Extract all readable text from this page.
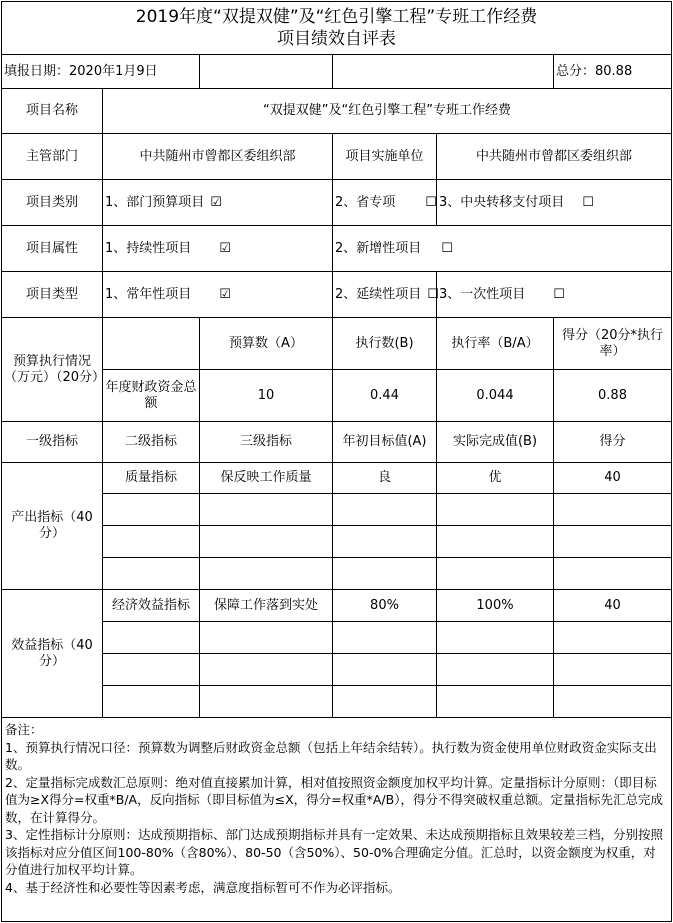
2019年度“双提双健”及“红色引擎工程”专班工作经费
项目绩效自评表					

填报日期：2020年1月9日					总分：80.88
项目名称	“双提双健”及“红色引擎工程”专班工作经费				
主管部门	中共随州市曾都区委组织部		项目实施单位	中共随州市曾都区委组织部	
项目类别	1、部门预算项目 ☑		2、省专项 ☐	3、中央转移支付项目 ☐	
项目属性	1、持续性项目 ☑		2、新增性项目 ☐		
项目类型	1、常年性项目 ☑		2、延续性项目 ☐	3、一次性项目 ☐	
预算执行情况（万元）（20分）		预算数（A）	执行数(B)	执行率（B/A）	得分（20分*执行率）
	年度财政资金总额	10	0.44	0.044	0.88
一级指标	二级指标	三级指标	年初目标值(A)	实际完成值(B)	得分
产出指标（40分）	质量指标	保反映工作质量	良	优	40

效益指标（40分）	经济效益指标	保障工作落到实处	80%	100%	40

备注：
1、预算执行情况口径：预算数为调整后财政资金总额（包括上年结余结转）。执行数为资金使用单位财政资金实际支出数。
2、定量指标完成数汇总原则：绝对值直接累加计算，相对值按照资金额度加权平均计算。定量指标计分原则：（即目标值为≥X得分=权重*B/A，反向指标（即目标值为≤X，得分=权重*A/B），得分不得突破权重总额。定量指标先汇总完成数，在计算得分。
3、定性指标计分原则：达成预期指标、部门达成预期指标并具有一定效果、未达成预期指标且效果较差三档，分别按照该指标对应分值区间100-80%（含80%）、80-50（含50%）、50-0%合理确定分值。汇总时，以资金额度为权重，对分值进行加权平均计算。
4、基于经济性和必要性等因素考虑，满意度指标暂可不作为必评指标。					
